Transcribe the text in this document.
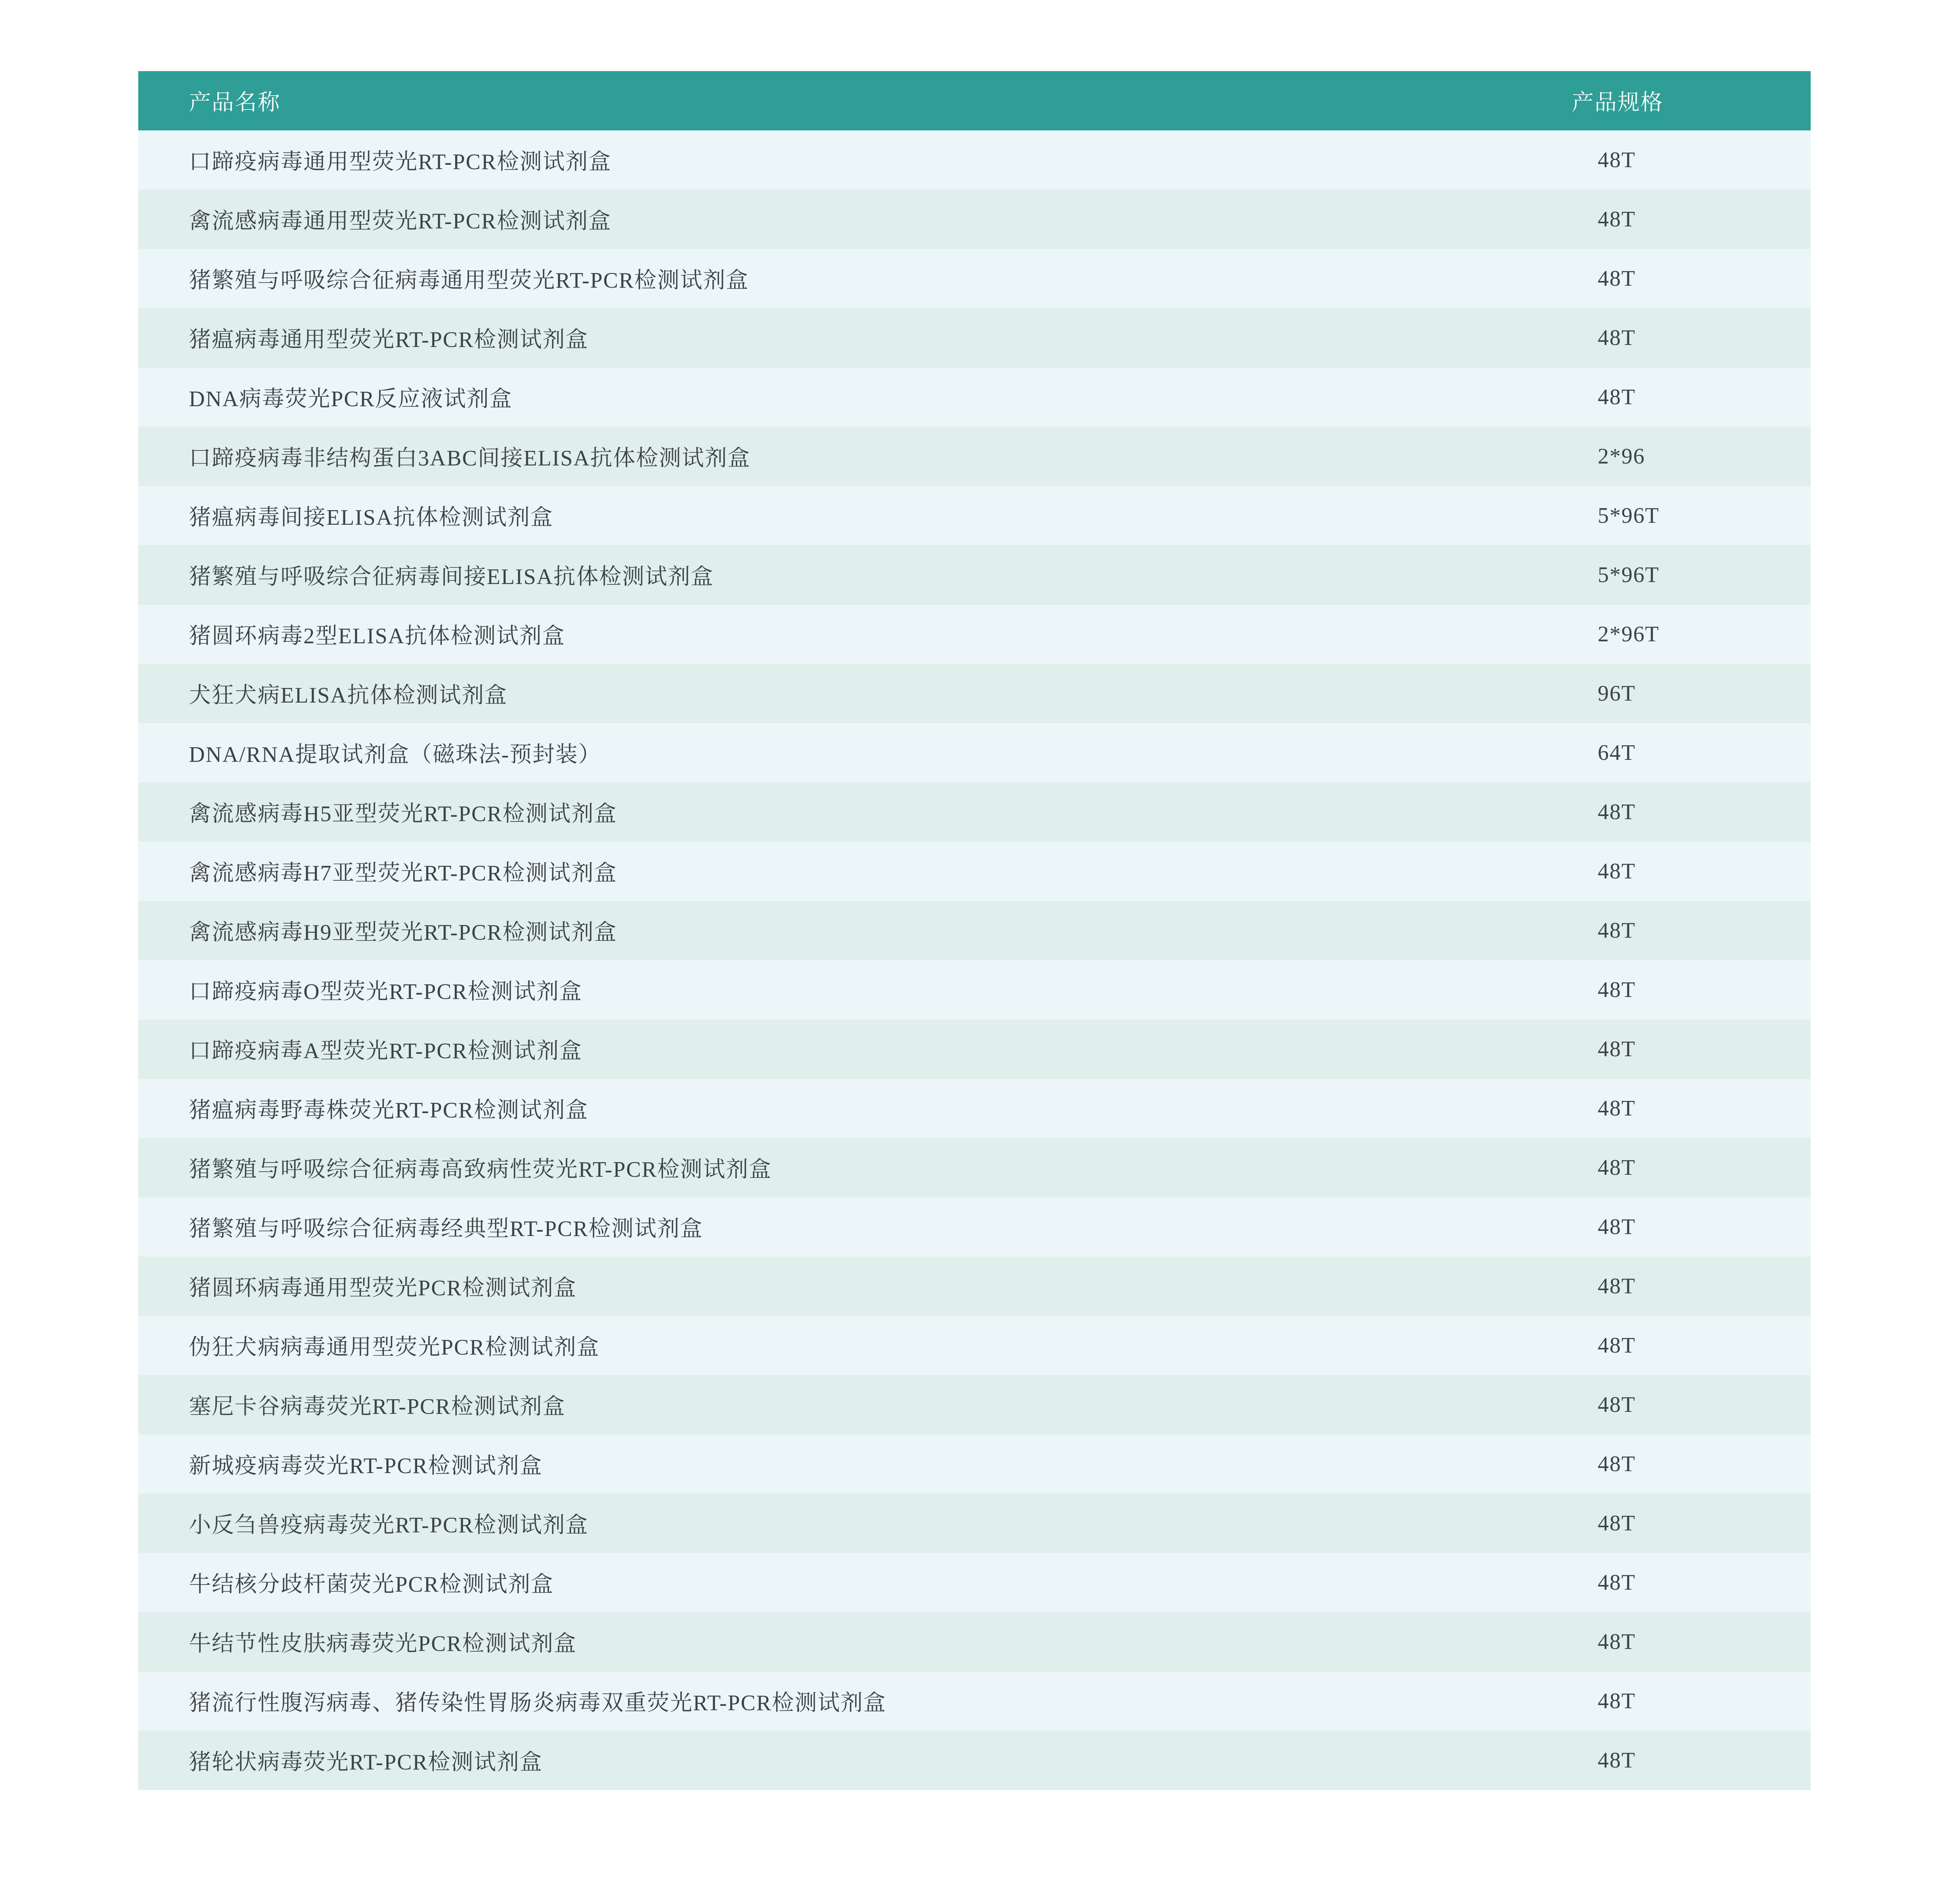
产品名称	产品规格
口蹄疫病毒通用型荧光RT-PCR检测试剂盒	48T
禽流感病毒通用型荧光RT-PCR检测试剂盒	48T
猪繁殖与呼吸综合征病毒通用型荧光RT-PCR检测试剂盒	48T
猪瘟病毒通用型荧光RT-PCR检测试剂盒	48T
DNA病毒荧光PCR反应液试剂盒	48T
口蹄疫病毒非结构蛋白3ABC间接ELISA抗体检测试剂盒	2*96
猪瘟病毒间接ELISA抗体检测试剂盒	5*96T
猪繁殖与呼吸综合征病毒间接ELISA抗体检测试剂盒	5*96T
猪圆环病毒2型ELISA抗体检测试剂盒	2*96T
犬狂犬病ELISA抗体检测试剂盒	96T
DNA/RNA提取试剂盒（磁珠法-预封装）	64T
禽流感病毒H5亚型荧光RT-PCR检测试剂盒	48T
禽流感病毒H7亚型荧光RT-PCR检测试剂盒	48T
禽流感病毒H9亚型荧光RT-PCR检测试剂盒	48T
口蹄疫病毒O型荧光RT-PCR检测试剂盒	48T
口蹄疫病毒A型荧光RT-PCR检测试剂盒	48T
猪瘟病毒野毒株荧光RT-PCR检测试剂盒	48T
猪繁殖与呼吸综合征病毒高致病性荧光RT-PCR检测试剂盒	48T
猪繁殖与呼吸综合征病毒经典型RT-PCR检测试剂盒	48T
猪圆环病毒通用型荧光PCR检测试剂盒	48T
伪狂犬病病毒通用型荧光PCR检测试剂盒	48T
塞尼卡谷病毒荧光RT-PCR检测试剂盒	48T
新城疫病毒荧光RT-PCR检测试剂盒	48T
小反刍兽疫病毒荧光RT-PCR检测试剂盒	48T
牛结核分歧杆菌荧光PCR检测试剂盒	48T
牛结节性皮肤病毒荧光PCR检测试剂盒	48T
猪流行性腹泻病毒、猪传染性胃肠炎病毒双重荧光RT-PCR检测试剂盒	48T
猪轮状病毒荧光RT-PCR检测试剂盒	48T
